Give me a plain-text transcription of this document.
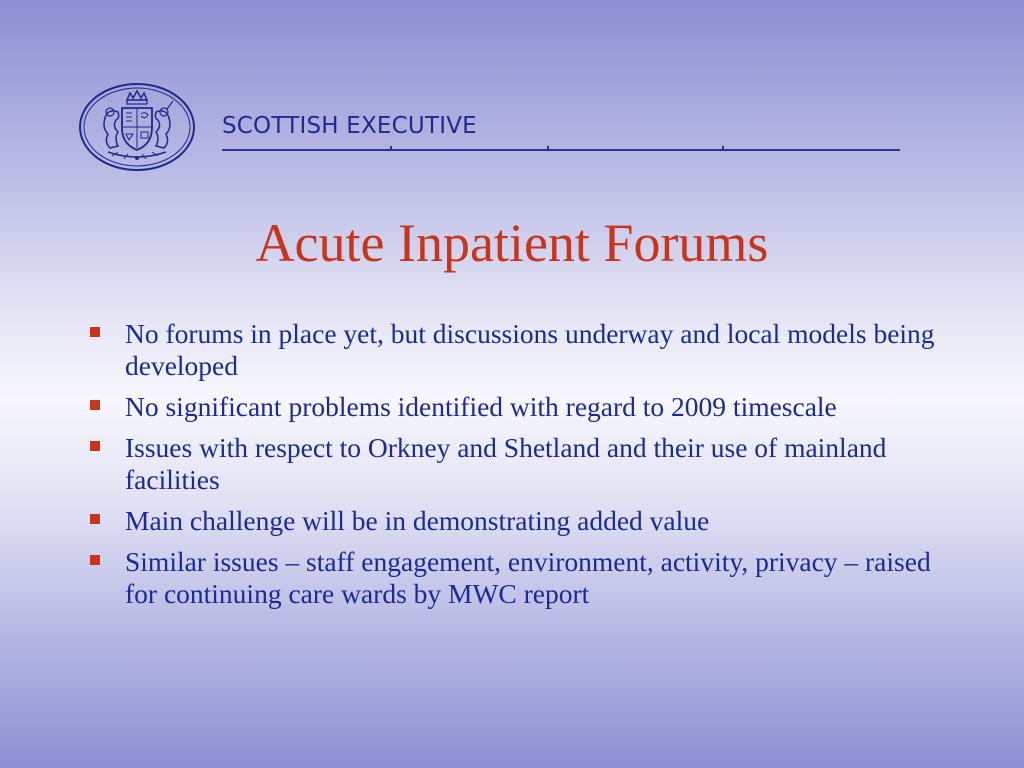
SCOTTISH EXECUTIVE
Acute Inpatient Forums
No forums in place yet, but discussions underway and local models being developed
No significant problems identified with regard to 2009 timescale
Issues with respect to Orkney and Shetland and their use of mainland facilities
Main challenge will be in demonstrating added value
Similar issues – staff engagement, environment, activity, privacy – raised for continuing care wards by MWC report
